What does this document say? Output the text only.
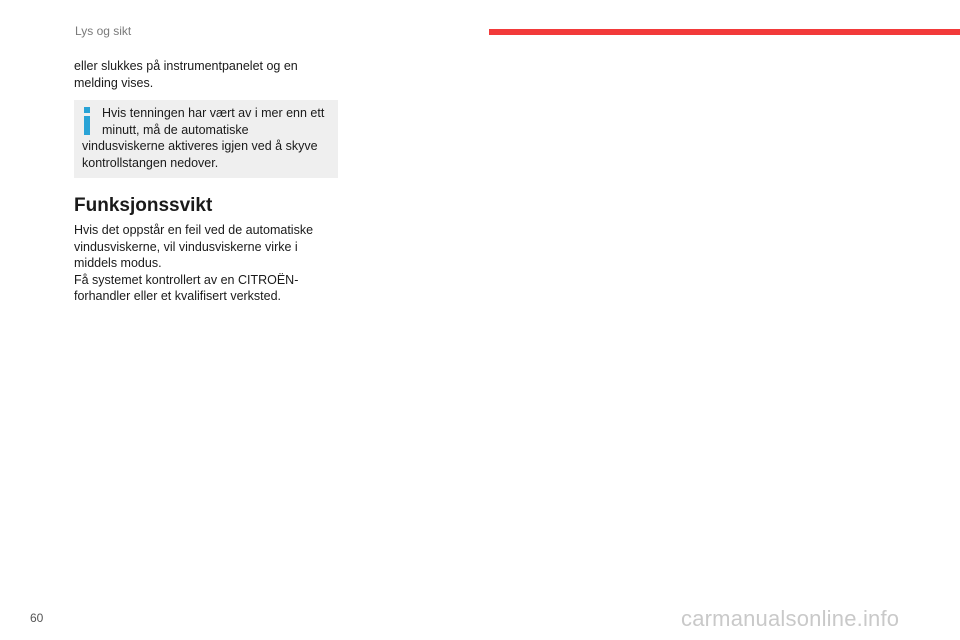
Lys og sikt

eller slukkes på instrumentpanelet og en melding vises.

Hvis tenningen har vært av i mer enn ett minutt, må de automatiske vindusviskerne aktiveres igjen ved å skyve kontrollstangen nedover.
Funksjonssvikt

Hvis det oppstår en feil ved de automatiske vindusviskerne, vil vindusviskerne virke i middels modus.

Få systemet kontrollert av en CITROËN-forhandler eller et kvalifisert verksted.

60	carmanualsonline.info
